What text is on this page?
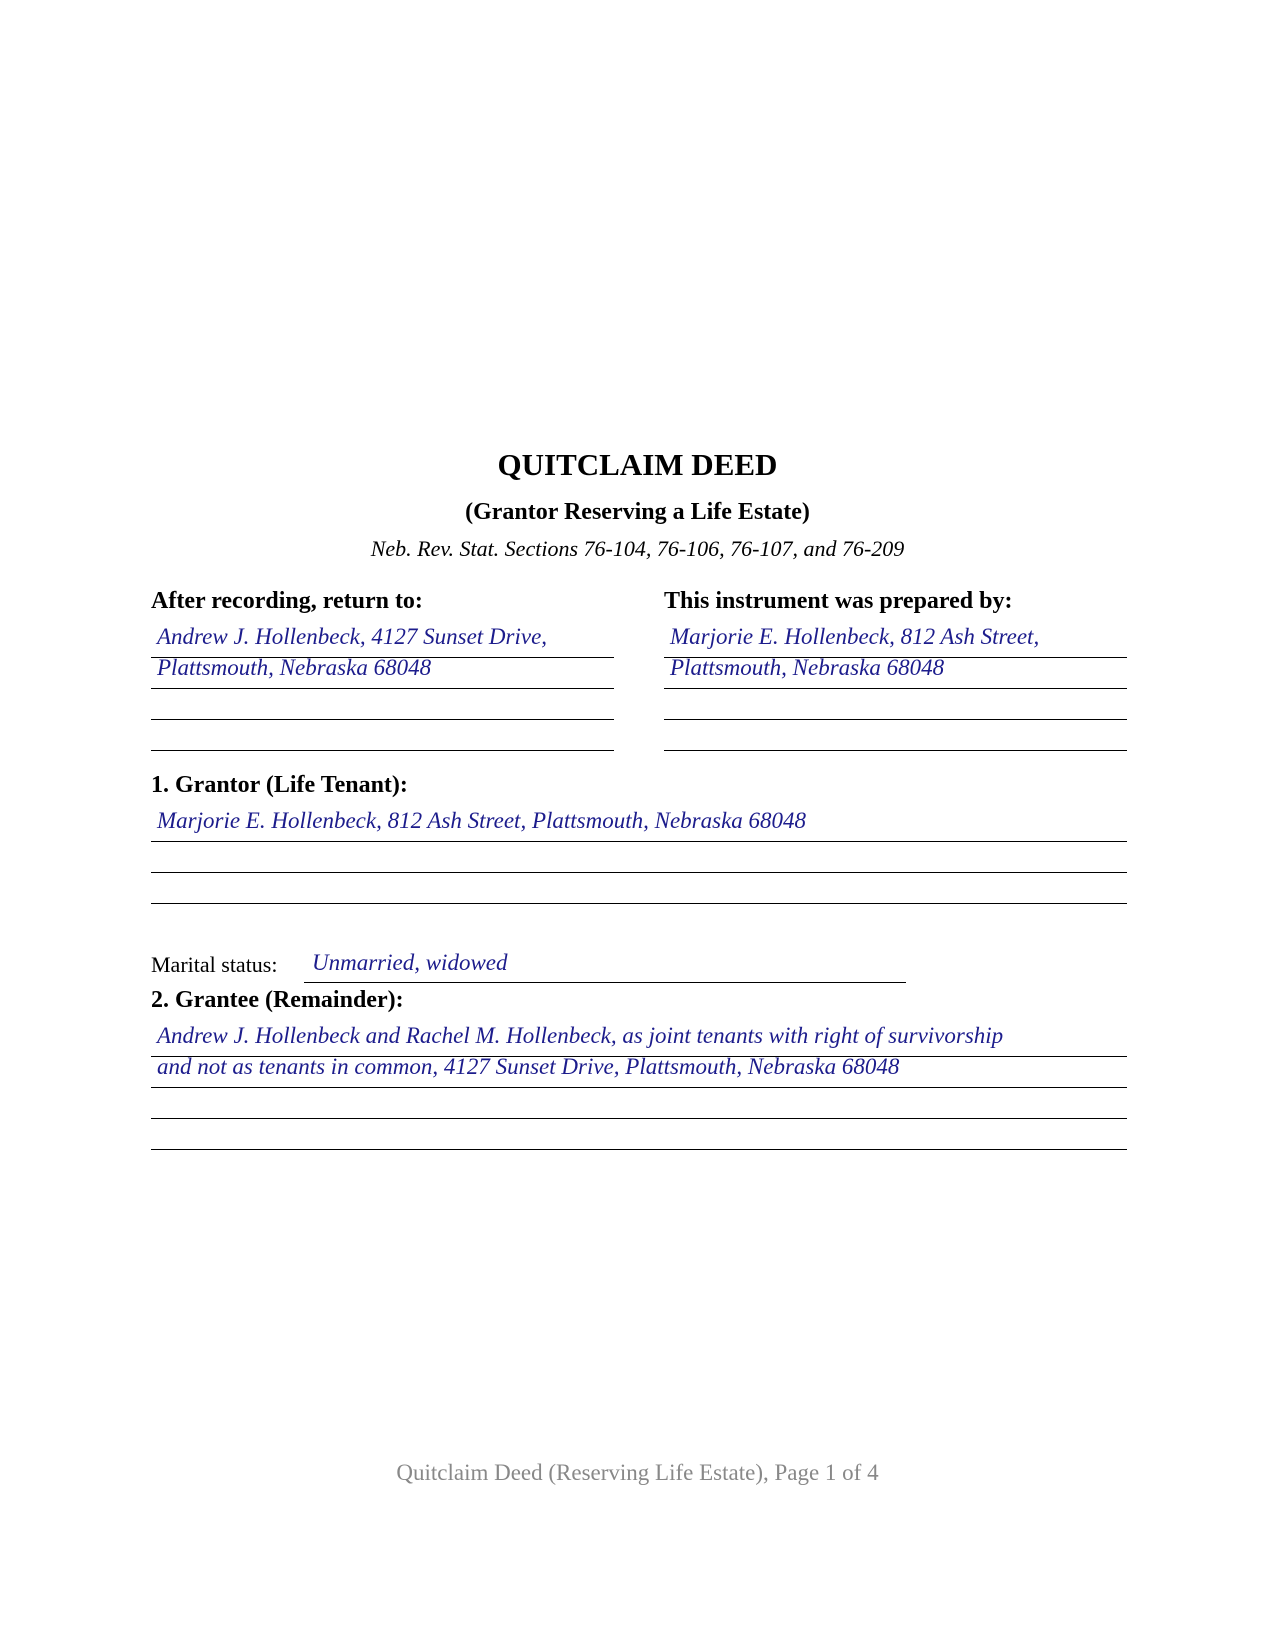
QUITCLAIM DEED
(Grantor Reserving a Life Estate)
Neb. Rev. Stat. Sections 76-104, 76-106, 76-107, and 76-209
After recording, return to:
Andrew J. Hollenbeck, 4127 Sunset Drive,
Plattsmouth, Nebraska 68048
This instrument was prepared by:
Marjorie E. Hollenbeck, 812 Ash Street,
Plattsmouth, Nebraska 68048
1. Grantor (Life Tenant):
Marjorie E. Hollenbeck, 812 Ash Street, Plattsmouth, Nebraska 68048
Marital status: Unmarried, widowed
2. Grantee (Remainder):
Andrew J. Hollenbeck and Rachel M. Hollenbeck, as joint tenants with right of survivorship
and not as tenants in common, 4127 Sunset Drive, Plattsmouth, Nebraska 68048
Quitclaim Deed (Reserving Life Estate), Page 1 of 4
